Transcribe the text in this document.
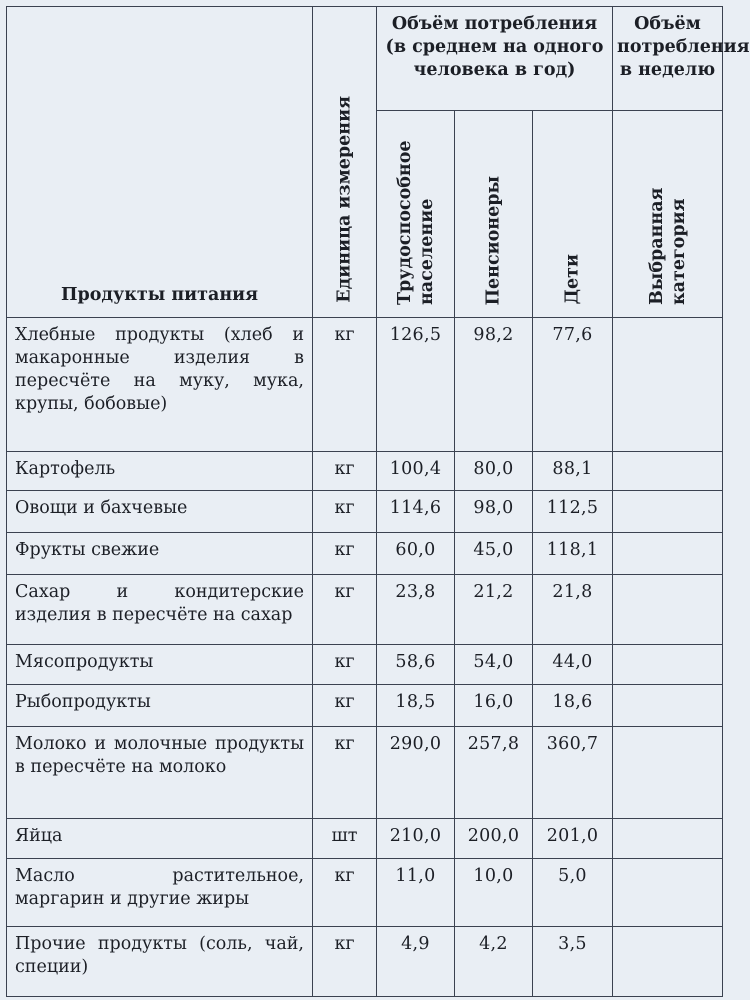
Продукты питания	Единица измерения	Объём потребления (в среднем на одного человека в год)			Объём потребления в неделю

		Трудоспособное население	Пенсионеры	Дети	Выбранная категория

Хлебные продукты (хлеб и макаронные изделия в пересчёте на муку, мука, крупы, бобовые)	кг	126,5	98,2	77,6	
Картофель	кг	100,4	80,0	88,1	
Овощи и бахчевые	кг	114,6	98,0	112,5	
Фрукты свежие	кг	60,0	45,0	118,1	
Сахар и кондитерские изделия в пересчёте на сахар	кг	23,8	21,2	21,8	
Мясопродукты	кг	58,6	54,0	44,0	
Рыбопродукты	кг	18,5	16,0	18,6	
Молоко и молочные продукты в пересчёте на молоко	кг	290,0	257,8	360,7	
Яйца	шт	210,0	200,0	201,0	
Масло растительное, маргарин и другие жиры	кг	11,0	10,0	5,0	
Прочие продукты (соль, чай, специи)	кг	4,9	4,2	3,5	
